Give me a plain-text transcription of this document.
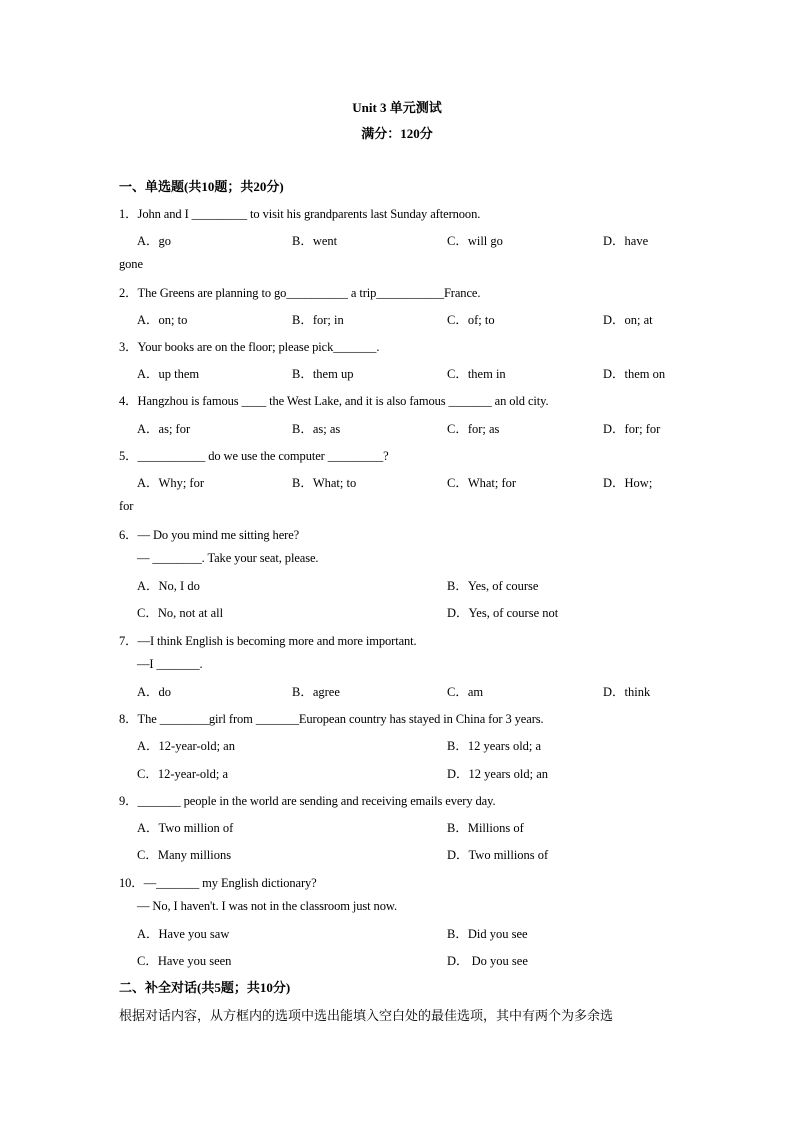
Unit 3 单元测试
满分：120分
一、单选题(共10题；共20分)
1．John and I _________ to visit his grandparents last Sunday afternoon.
A．go	B．went	C．will go	D．have
gone
2．The Greens are planning to go__________ a trip___________France.
A．on; to	B．for; in	C．of; to	D．on; at
3．Your books are on the floor; please pick_______.
A．up them	B．them up	C．them in	D．them on
4．Hangzhou is famous ____ the West Lake, and it is also famous _______ an old city.
A．as; for	B．as; as	C．for; as	D．for; for
5．___________ do we use the computer _________?
A．Why; for	B．What; to	C．What; for	D．How;
for
6．— Do you mind me sitting here?
— ________. Take your seat, please.
A．No, I do	B．Yes, of course
C．No, not at all	D．Yes, of course not
7．—I think English is becoming more and more important.
—I _______.
A．do	B．agree	C．am	D．think
8．The ________girl from _______European country has stayed in China for 3 years.
A．12-year-old; an	B．12 years old; a
C．12-year-old; a	D．12 years old; an
9．_______ people in the world are sending and receiving emails every day.
A．Two million of	B．Millions of
C．Many millions	D．Two millions of
10．—_______ my English dictionary?
— No, I haven't. I was not in the classroom just now.
A．Have you saw	B．Did you see
C．Have you seen	D． Do you see
二、补全对话(共5题；共10分)
根据对话内容，从方框内的选项中选出能填入空白处的最佳选项，其中有两个为多余选
